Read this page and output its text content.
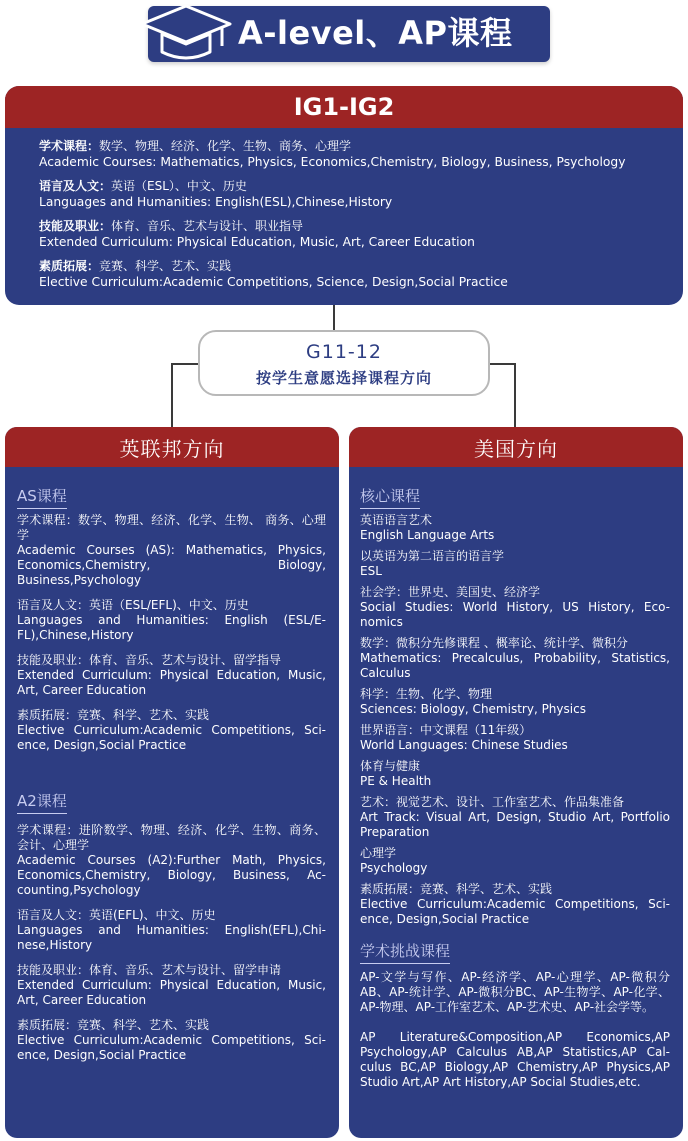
A-level、AP课程
IG1-IG2
学术课程：数学、物理、经济、化学、生物、商务、心理学
Academic Courses: Mathematics, Physics, Economics,Chemistry, Biology, Business, Psychology
语言及人文：英语（ESL）、中文、历史
Languages and Humanities: English(ESL),Chinese,History
技能及职业：体育、音乐、艺术与设计、职业指导
Extended Curriculum: Physical Education, Music, Art, Career Education
素质拓展：竞赛、科学、艺术、实践
Elective Curriculum:Academic Competitions, Science, Design,Social Practice
G11-12
按学生意愿选择课程方向
英联邦方向
AS课程
学术课程：数学、物理、经济、化学、生物、 商务、心理学
Academic Courses (AS): Mathematics, Physics, Economics,Chemistry, Biology, Business,Psychology
语言及人文：英语（ESL/EFL)、中文、历史
Languages and Humanities: English (ESL/E-FL),Chinese,History
技能及职业：体育、音乐、艺术与设计、留学指导
Extended Curriculum: Physical Education, Music, Art, Career Education
素质拓展：竞赛、科学、艺术、实践
Elective Curriculum:Academic Competitions, Sci-ence, Design,Social Practice
A2课程
学术课程：进阶数学、物理、经济、化学、生物、商务、会计、心理学
Academic Courses (A2):Further Math, Physics, Economics,Chemistry, Biology, Business, Ac-counting,Psychology
语言及人文：英语(EFL)、中文、历史
Languages and Humanities: English(EFL),Chi-nese,History
技能及职业：体育、音乐、艺术与设计、留学申请
Extended Curriculum: Physical Education, Music, Art, Career Education
素质拓展：竞赛、科学、艺术、实践
Elective Curriculum:Academic Competitions, Sci-ence, Design,Social Practice
美国方向
核心课程
英语语言艺术
English Language Arts
以英语为第二语言的语言学
ESL
社会学：世界史、美国史、经济学
Social Studies: World History, US History, Eco-nomics
数学：微积分先修课程 、概率论、统计学、微积分
Mathematics: Precalculus, Probability, Statistics, Calculus
科学：生物、化学、物理
Sciences: Biology, Chemistry, Physics
世界语言：中文课程（11年级）
World Languages: Chinese Studies
体育与健康
PE & Health
艺术：视觉艺术、设计、工作室艺术、作品集准备
Art Track: Visual Art, Design, Studio Art, Portfolio Preparation
心理学
Psychology
素质拓展：竞赛、科学、艺术、实践
Elective Curriculum:Academic Competitions, Sci-ence, Design,Social Practice
学术挑战课程
AP-文学与写作、AP-经济学、AP-心理学、AP-微积分AB、AP-统计学、AP-微积分BC、AP-生物学、AP-化学、AP-物理、AP-工作室艺术、AP-艺术史、AP-社会学等。
AP Literature&Composition,AP Economics,AP Psychology,AP Calculus AB,AP Statistics,AP Cal-culus BC,AP Biology,AP Chemistry,AP Physics,AP Studio Art,AP Art History,AP Social Studies,etc.
